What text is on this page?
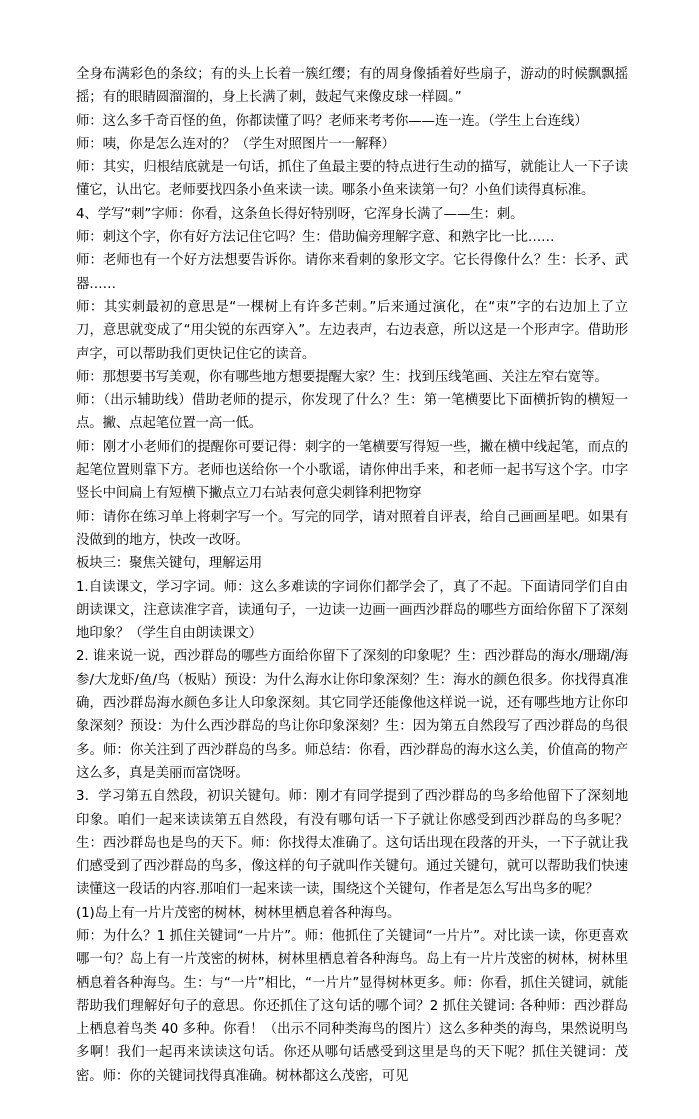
全身布满彩色的条纹；有的头上长着一簇红缨；有的周身像插着好些扇子，游动的时候飘飘摇摇；有的眼睛圆溜溜的，身上长满了刺，鼓起气来像皮球一样圆。”

师：这么多千奇百怪的鱼，你都读懂了吗？老师来考考你——连一连。（学生上台连线）

师：咦，你是怎么连对的？（学生对照图片一一解释）

师：其实，归根结底就是一句话，抓住了鱼最主要的特点进行生动的描写，就能让人一下子读懂它，认出它。老师要找四条小鱼来读一读。哪条小鱼来读第一句？小鱼们读得真标准。

4、学写“刺”字师：你看，这条鱼长得好特别呀，它浑身长满了——生：刺。

师：刺这个字，你有好方法记住它吗？生：借助偏旁理解字意、和熟字比一比……

师：老师也有一个好方法想要告诉你。请你来看刺的象形文字。它长得像什么？生：长矛、武器……

师：其实刺最初的意思是“一棵树上有许多芒刺。”后来通过演化，在“朿”字的右边加上了立刀，意思就变成了“用尖锐的东西穿入”。左边表声，右边表意，所以这是一个形声字。借助形声字，可以帮助我们更快记住它的读音。

师：那想要书写美观，你有哪些地方想要提醒大家？生：找到压线笔画、关注左窄右宽等。

师：（出示辅助线）借助老师的提示，你发现了什么？生：第一笔横要比下面横折钩的横短一点。撇、点起笔位置一高一低。

师：刚才小老师们的提醒你可要记得：刺字的一笔横要写得短一些，撇在横中线起笔，而点的起笔位置则靠下方。老师也送给你一个小歌谣，请你伸出手来，和老师一起书写这个字。巾字竖长中间扁上有短横下撇点立刀右站表何意尖刺锋利把物穿

师：请你在练习单上将刺字写一个。写完的同学，请对照着自评表，给自己画画星吧。如果有没做到的地方，快改一改呀。

板块三：聚焦关键句，理解运用

1.自读课文，学习字词。师：这么多难读的字词你们都学会了，真了不起。下面请同学们自由朗读课文，注意读准字音，读通句子，一边读一边画一画西沙群岛的哪些方面给你留下了深刻地印象？（学生自由朗读课文）

2. 谁来说一说，西沙群岛的哪些方面给你留下了深刻的印象呢？生：西沙群岛的海水/珊瑚/海参/大龙虾/鱼/鸟（板贴）预设：为什么海水让你印象深刻？生：海水的颜色很多。你找得真准确，西沙群岛海水颜色多让人印象深刻。其它同学还能像他这样说一说，还有哪些地方让你印象深刻？预设：为什么西沙群岛的鸟让你印象深刻？生：因为第五自然段写了西沙群岛的鸟很多。师：你关注到了西沙群岛的鸟多。师总结：你看，西沙群岛的海水这么美，价值高的物产这么多，真是美丽而富饶呀。

3．学习第五自然段，初识关键句。师：刚才有同学提到了西沙群岛的鸟多给他留下了深刻地印象。咱们一起来读读第五自然段，有没有哪句话一下子就让你感受到西沙群岛的鸟多呢？生：西沙群岛也是鸟的天下。师：你找得太准确了。这句话出现在段落的开头，一下子就让我们感受到了西沙群岛的鸟多，像这样的句子就叫作关键句。通过关键句，就可以帮助我们快速读懂这一段话的内容.那咱们一起来读一读，围绕这个关键句，作者是怎么写出鸟多的呢？

(1)岛上有一片片茂密的树林，树林里栖息着各种海鸟。

师：为什么？1 抓住关键词“一片片”。师：他抓住了关键词“一片片”。对比读一读，你更喜欢哪一句？岛上有一片茂密的树林，树林里栖息着各种海鸟。岛上有一片片茂密的树林，树林里栖息着各种海鸟。生：与“一片”相比，“一片片”显得树林更多。师：你看，抓住关键词，就能帮助我们理解好句子的意思。你还抓住了这句话的哪个词？2 抓住关键词: 各种师：西沙群岛上栖息着鸟类 40 多种。你看！（出示不同种类海鸟的图片）这么多种类的海鸟，果然说明鸟多啊！我们一起再来读读这句话。你还从哪句话感受到这里是鸟的天下呢？抓住关键词：茂密。师：你的关键词找得真准确。树林都这么茂密，可见
